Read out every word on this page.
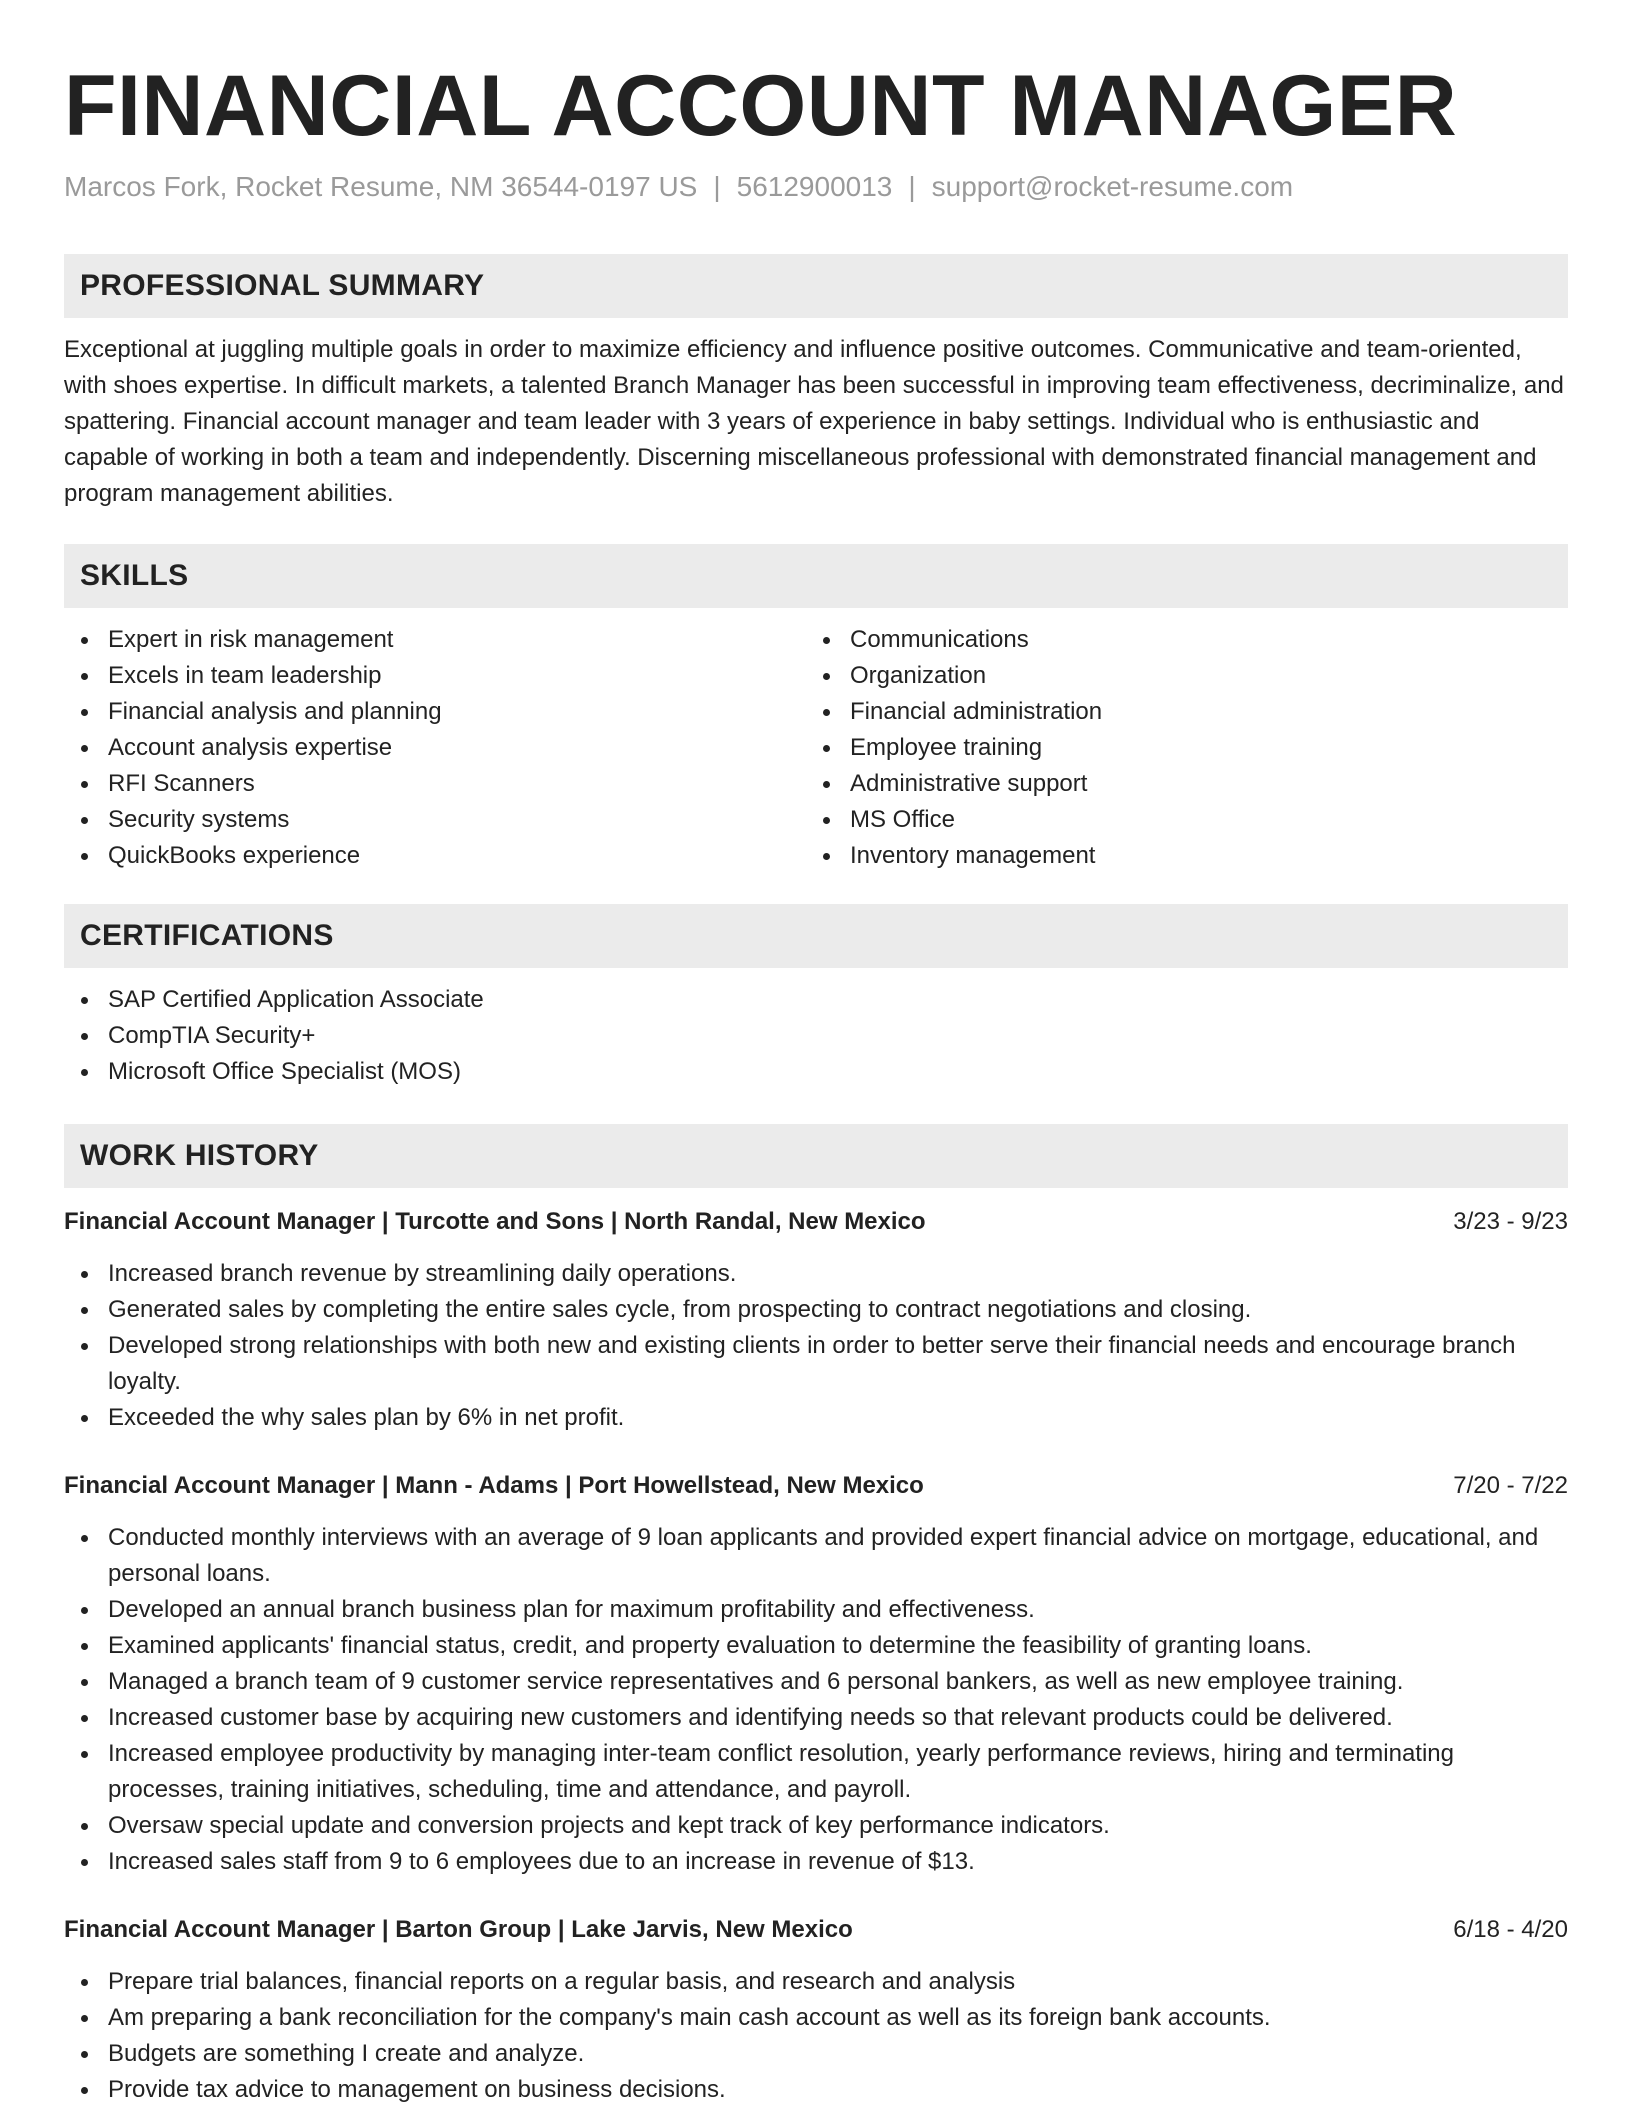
FINANCIAL ACCOUNT MANAGER
Marcos Fork, Rocket Resume, NM 36544-0197 US | 5612900013 | support@rocket-resume.com
PROFESSIONAL SUMMARY

Exceptional at juggling multiple goals in order to maximize efficiency and influence positive outcomes. Communicative and team-oriented, with shoes expertise. In difficult markets, a talented Branch Manager has been successful in improving team effectiveness, decriminalize, and spattering. Financial account manager and team leader with 3 years of experience in baby settings. Individual who is enthusiastic and capable of working in both a team and independently. Discerning miscellaneous professional with demonstrated financial management and program management abilities.

SKILLS
Expert in risk management
Excels in team leadership
Financial analysis and planning
Account analysis expertise
RFI Scanners
Security systems
QuickBooks experience
Communications
Organization
Financial administration
Employee training
Administrative support
MS Office
Inventory management
CERTIFICATIONS
SAP Certified Application Associate
CompTIA Security+
Microsoft Office Specialist (MOS)
WORK HISTORY
Financial Account Manager | Turcotte and Sons | North Randal, New Mexico	3/23 - 9/23
Increased branch revenue by streamlining daily operations.
Generated sales by completing the entire sales cycle, from prospecting to contract negotiations and closing.
Developed strong relationships with both new and existing clients in order to better serve their financial needs and encourage branch loyalty.
Exceeded the why sales plan by 6% in net profit.
Financial Account Manager | Mann - Adams | Port Howellstead, New Mexico	7/20 - 7/22
Conducted monthly interviews with an average of 9 loan applicants and provided expert financial advice on mortgage, educational, and personal loans.
Developed an annual branch business plan for maximum profitability and effectiveness.
Examined applicants' financial status, credit, and property evaluation to determine the feasibility of granting loans.
Managed a branch team of 9 customer service representatives and 6 personal bankers, as well as new employee training.
Increased customer base by acquiring new customers and identifying needs so that relevant products could be delivered.
Increased employee productivity by managing inter-team conflict resolution, yearly performance reviews, hiring and terminating processes, training initiatives, scheduling, time and attendance, and payroll.
Oversaw special update and conversion projects and kept track of key performance indicators.
Increased sales staff from 9 to 6 employees due to an increase in revenue of $13.
Financial Account Manager | Barton Group | Lake Jarvis, New Mexico	6/18 - 4/20
Prepare trial balances, financial reports on a regular basis, and research and analysis
Am preparing a bank reconciliation for the company's main cash account as well as its foreign bank accounts.
Budgets are something I create and analyze.
Provide tax advice to management on business decisions.
